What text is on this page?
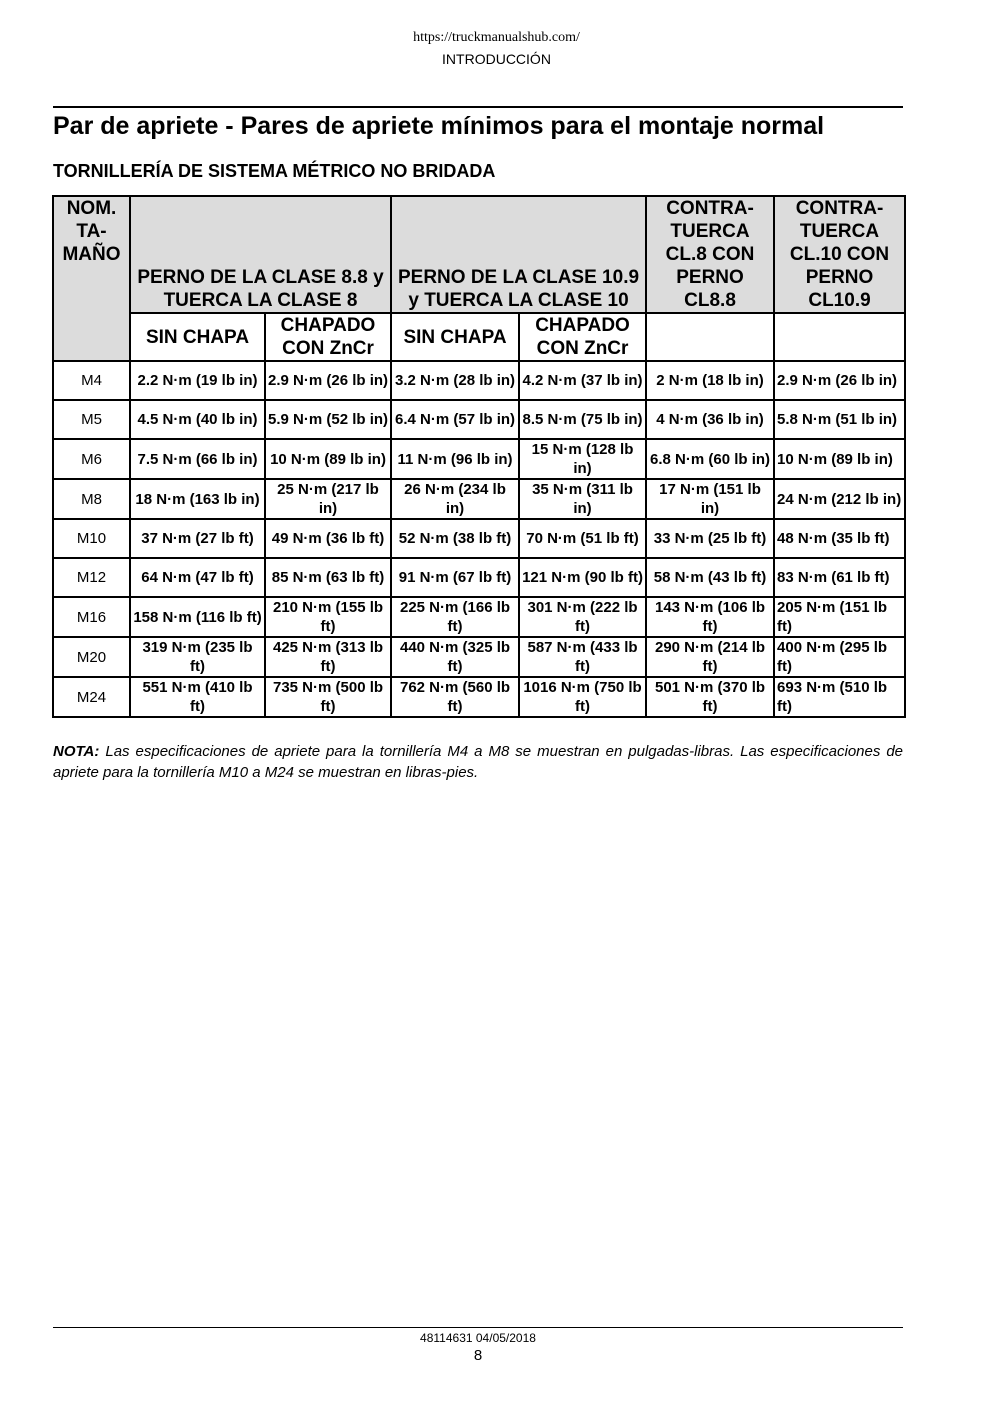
https://truckmanualshub.com/
INTRODUCCIÓN
Par de apriete - Pares de apriete mínimos para el montaje normal
TORNILLERÍA DE SISTEMA MÉTRICO NO BRIDADA
NOM. TA- MAÑO	PERNO DE LA CLASE 8.8 y TUERCA LA CLASE 8		PERNO DE LA CLASE 10.9 y TUERCA LA CLASE 10		CONTRA- TUERCA CL.8 CON PERNO CL8.8	CONTRA- TUERCA CL.10 CON PERNO CL10.9
	SIN CHAPA	CHAPADO CON ZnCr	SIN CHAPA	CHAPADO CON ZnCr		
M4	2.2 N·m (19 lb in)	2.9 N·m (26 lb in)	3.2 N·m (28 lb in)	4.2 N·m (37 lb in)	2 N·m (18 lb in)	2.9 N·m (26 lb in)
M5	4.5 N·m (40 lb in)	5.9 N·m (52 lb in)	6.4 N·m (57 lb in)	8.5 N·m (75 lb in)	4 N·m (36 lb in)	5.8 N·m (51 lb in)
M6	7.5 N·m (66 lb in)	10 N·m (89 lb in)	11 N·m (96 lb in)	15 N·m (128 lb in)	6.8 N·m (60 lb in)	10 N·m (89 lb in)
M8	18 N·m (163 lb in)	25 N·m (217 lb in)	26 N·m (234 lb in)	35 N·m (311 lb in)	17 N·m (151 lb in)	24 N·m (212 lb in)
M10	37 N·m (27 lb ft)	49 N·m (36 lb ft)	52 N·m (38 lb ft)	70 N·m (51 lb ft)	33 N·m (25 lb ft)	48 N·m (35 lb ft)
M12	64 N·m (47 lb ft)	85 N·m (63 lb ft)	91 N·m (67 lb ft)	121 N·m (90 lb ft)	58 N·m (43 lb ft)	83 N·m (61 lb ft)
M16	158 N·m (116 lb ft)	210 N·m (155 lb ft)	225 N·m (166 lb ft)	301 N·m (222 lb ft)	143 N·m (106 lb ft)	205 N·m (151 lb ft)
M20	319 N·m (235 lb ft)	425 N·m (313 lb ft)	440 N·m (325 lb ft)	587 N·m (433 lb ft)	290 N·m (214 lb ft)	400 N·m (295 lb ft)
M24	551 N·m (410 lb ft)	735 N·m (500 lb ft)	762 N·m (560 lb ft)	1016 N·m (750 lb ft)	501 N·m (370 lb ft)	693 N·m (510 lb ft)
NOTA: Las especificaciones de apriete para la tornillería M4 a M8 se muestran en pulgadas-libras. Las especificaciones de apriete para la tornillería M10 a M24 se muestran en libras-pies.
48114631 04/05/2018
8
